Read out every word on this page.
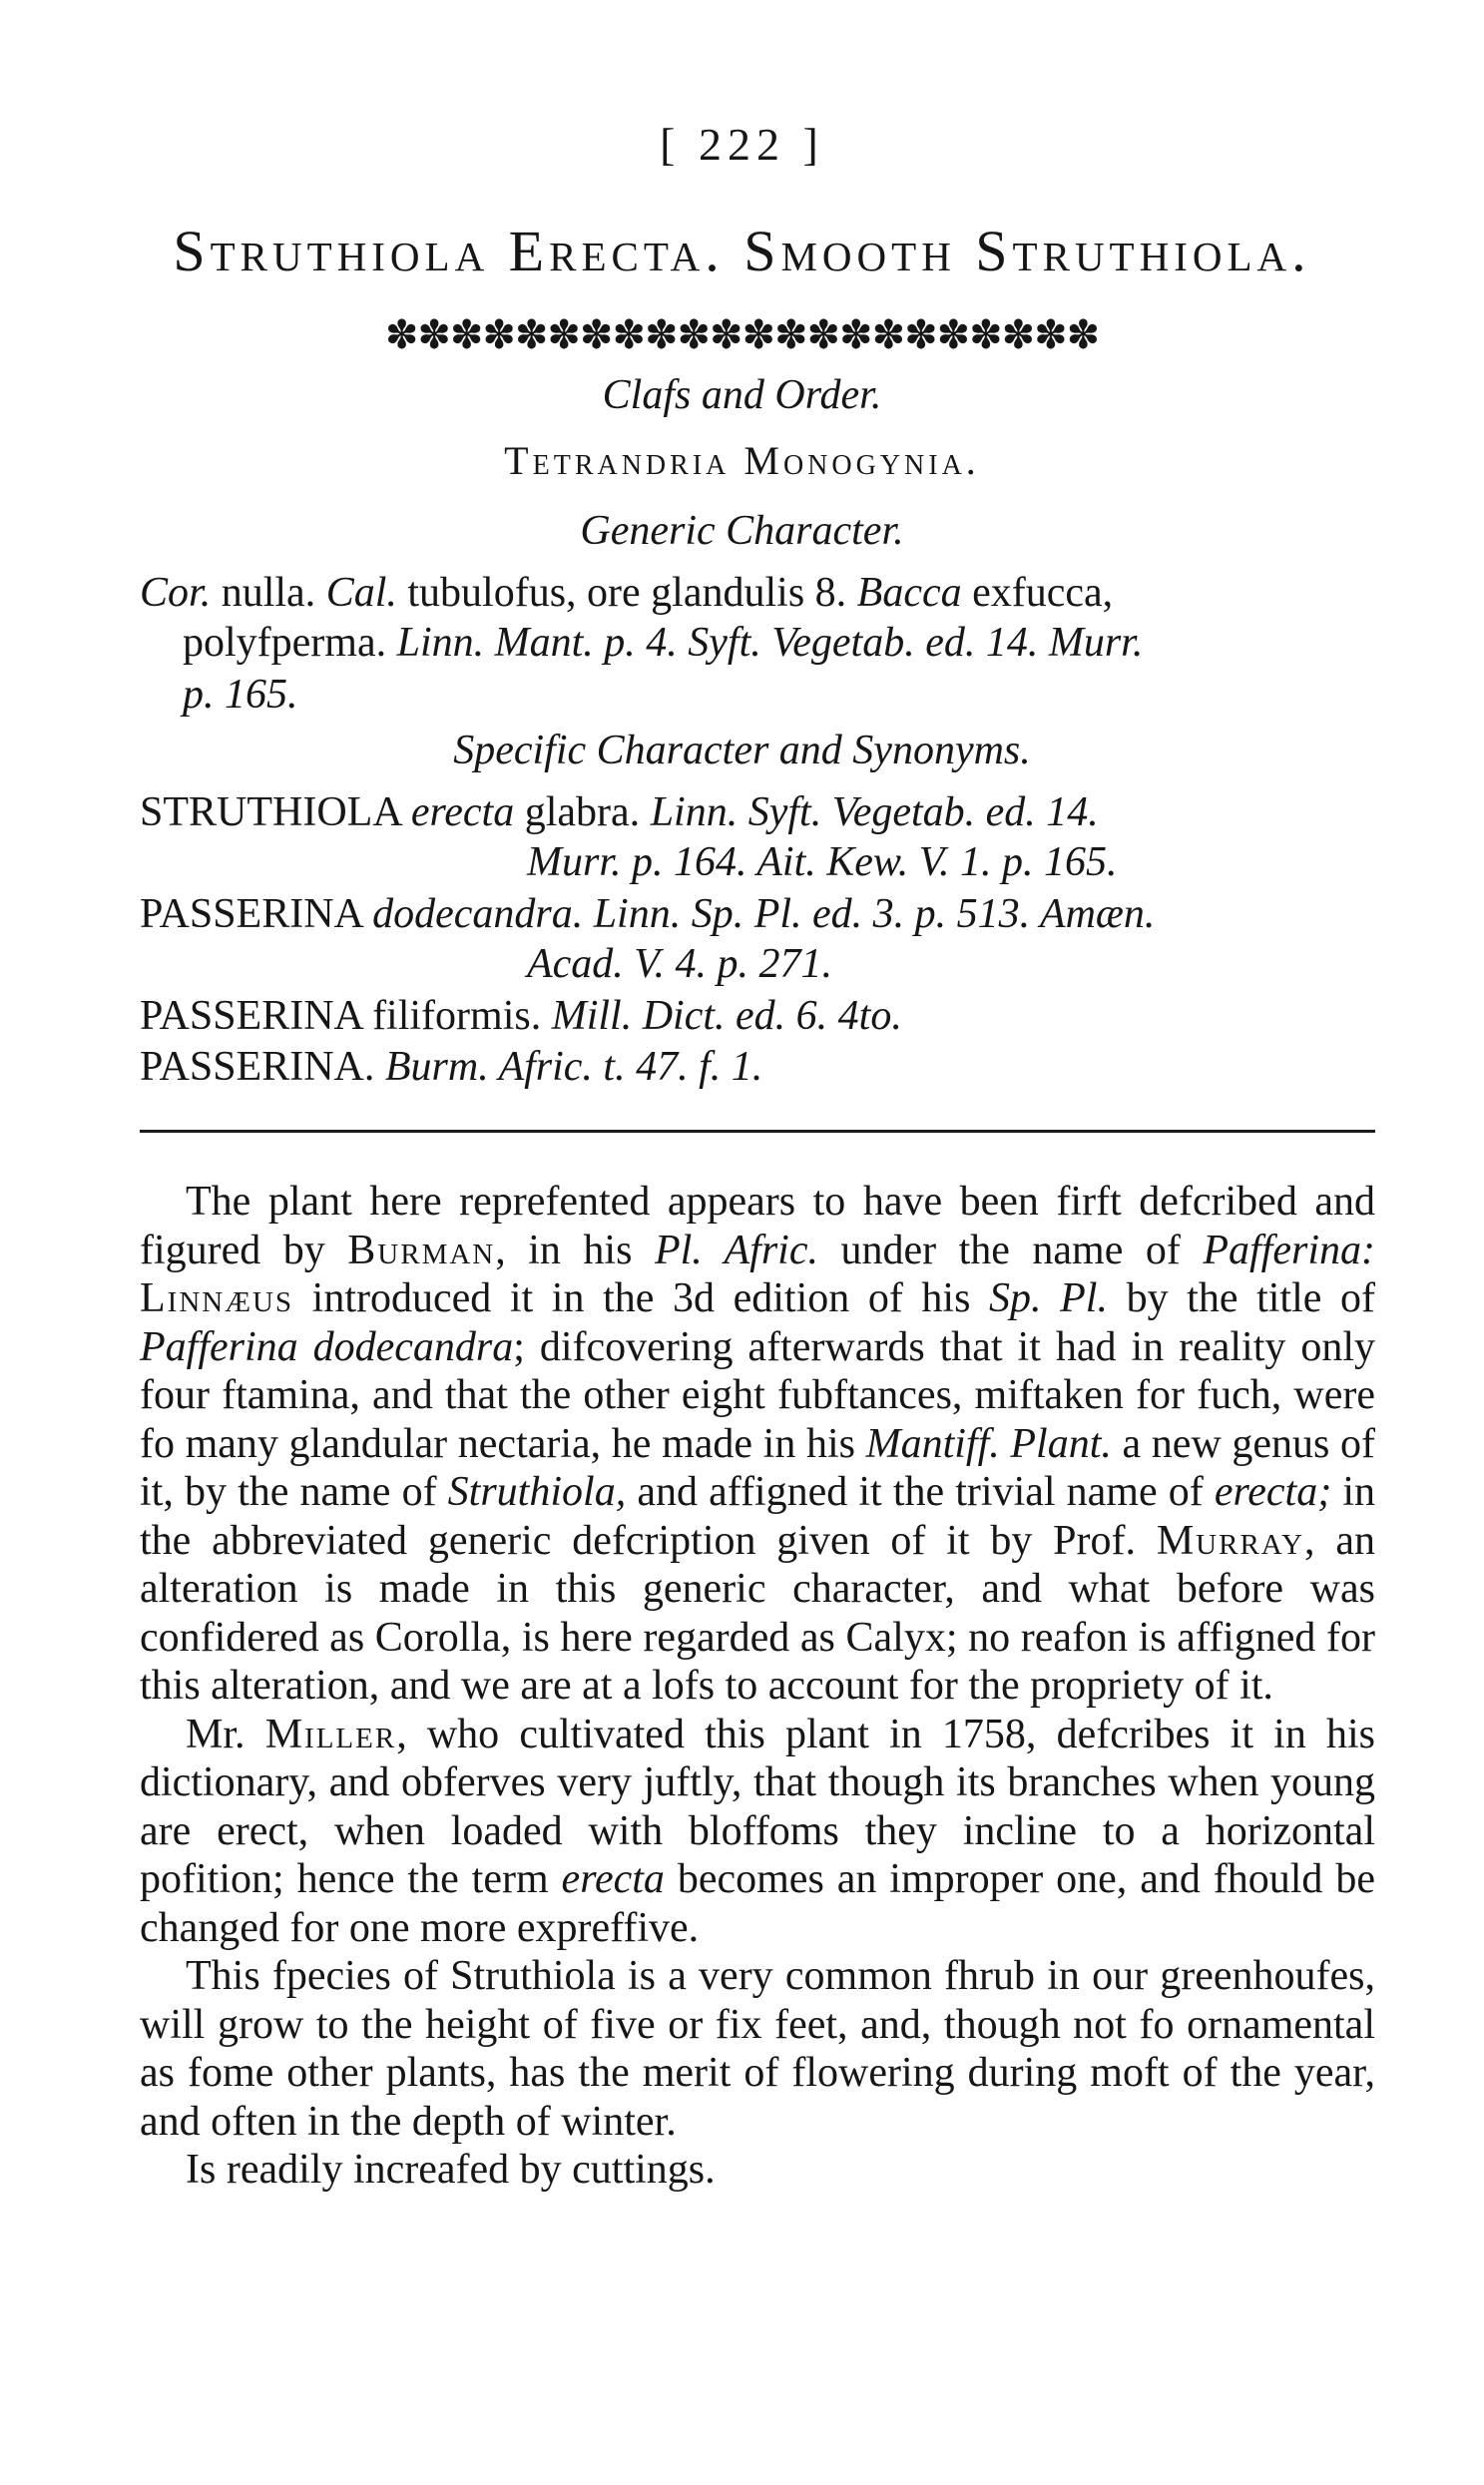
[ 222 ]
Struthiola Erecta. Smooth Struthiola.
✽✽✽✽✽✽✽✽✽✽✽✽✽✽✽✽✽✽✽✽✽✽
Clafs and Order.
Tetrandria Monogynia.
Generic Character.
Cor. nulla. Cal. tubulofus, ore glandulis 8. Bacca exfucca,
polyfperma. Linn. Mant. p. 4. Syft. Vegetab. ed. 14. Murr.
p. 165.
Specific Character and Synonyms.
STRUTHIOLA erecta glabra. Linn. Syft. Vegetab. ed. 14.
Murr. p. 164. Ait. Kew. V. 1. p. 165.
PASSERINA dodecandra. Linn. Sp. Pl. ed. 3. p. 513. Amæn.
Acad. V. 4. p. 271.
PASSERINA filiformis. Mill. Dict. ed. 6. 4to.
PASSERINA. Burm. Afric. t. 47. f. 1.

The plant here reprefented appears to have been firft defcribed and figured by Burman, in his Pl. Afric. under the name of Pafferina: Linnæus introduced it in the 3d edition of his Sp. Pl. by the title of Pafferina dodecandra; difcovering afterwards that it had in reality only four ftamina, and that the other eight fubftances, miftaken for fuch, were fo many glandular nectaria, he made in his Mantiff. Plant. a new genus of it, by the name of Struthiola, and affigned it the trivial name of erecta; in the abbreviated generic defcription given of it by Prof. Murray, an alteration is made in this generic character, and what before was confidered as Corolla, is here regarded as Calyx; no reafon is affigned for this alteration, and we are at a lofs to account for the propriety of it.

Mr. Miller, who cultivated this plant in 1758, defcribes it in his dictionary, and obferves very juftly, that though its branches when young are erect, when loaded with bloffoms they incline to a horizontal pofition; hence the term erecta becomes an improper one, and fhould be changed for one more expreffive.

This fpecies of Struthiola is a very common fhrub in our greenhoufes, will grow to the height of five or fix feet, and, though not fo ornamental as fome other plants, has the merit of flowering during moft of the year, and often in the depth of winter.

Is readily increafed by cuttings.
